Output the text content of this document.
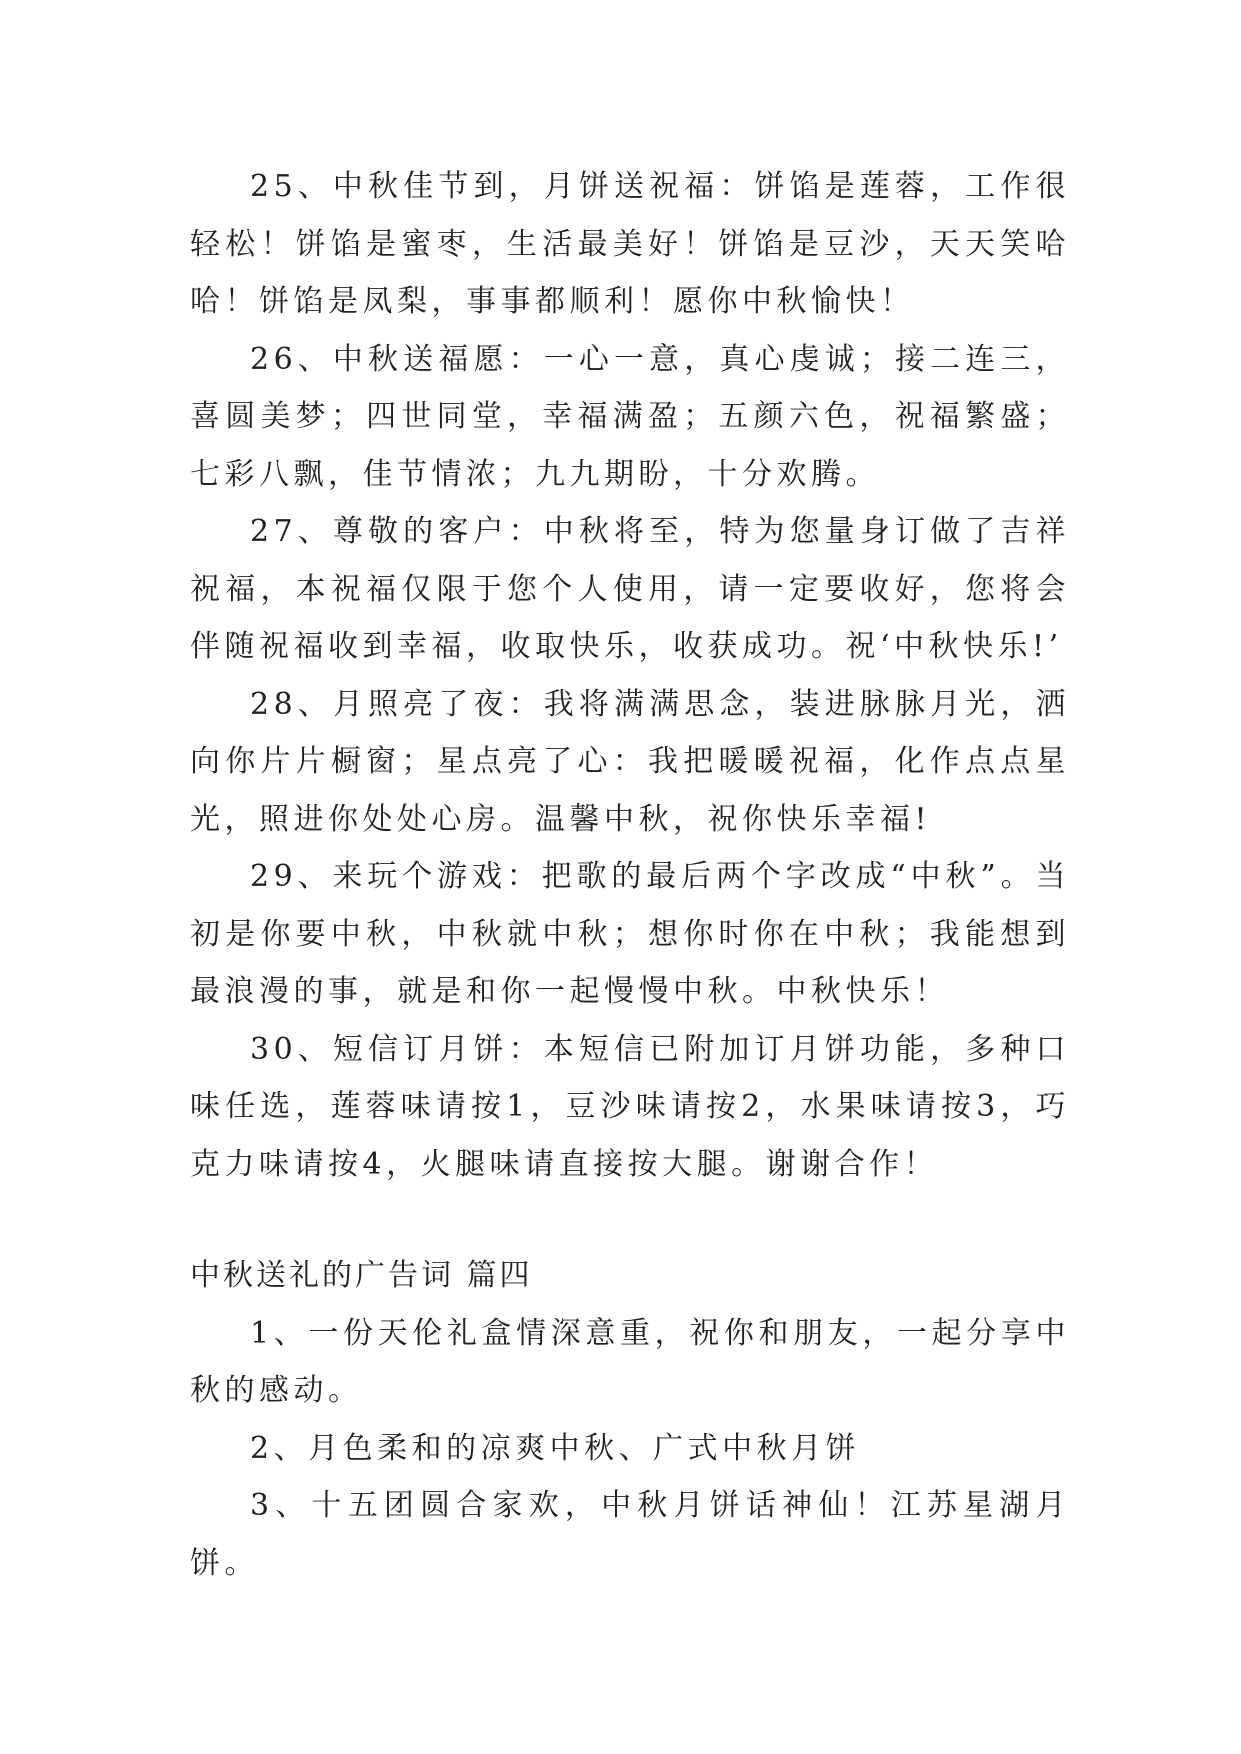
25、中秋佳节到，月饼送祝福：饼馅是莲蓉，工作很轻松！饼馅是蜜枣，生活最美好！饼馅是豆沙，天天笑哈哈！饼馅是凤梨，事事都顺利！愿你中秋愉快！

26、中秋送福愿：一心一意，真心虔诚；接二连三，喜圆美梦；四世同堂，幸福满盈；五颜六色，祝福繁盛；七彩八飘，佳节情浓；九九期盼，十分欢腾。

27、尊敬的客户：中秋将至，特为您量身订做了吉祥祝福，本祝福仅限于您个人使用，请一定要收好，您将会伴随祝福收到幸福，收取快乐，收获成功。祝‘中秋快乐!’

28、月照亮了夜：我将满满思念，装进脉脉月光，洒向你片片橱窗；星点亮了心：我把暖暖祝福，化作点点星光，照进你处处心房。温馨中秋，祝你快乐幸福!

29、来玩个游戏：把歌的最后两个字改成“中秋”。当初是你要中秋，中秋就中秋；想你时你在中秋；我能想到最浪漫的事，就是和你一起慢慢中秋。中秋快乐！

30、短信订月饼：本短信已附加订月饼功能，多种口味任选，莲蓉味请按1，豆沙味请按2，水果味请按3，巧克力味请按4，火腿味请直接按大腿。谢谢合作！

中秋送礼的广告词 篇四

1、一份天伦礼盒情深意重，祝你和朋友，一起分享中秋的感动。

2、月色柔和的凉爽中秋、广式中秋月饼

3、十五团圆合家欢，中秋月饼话神仙！江苏星湖月饼。
